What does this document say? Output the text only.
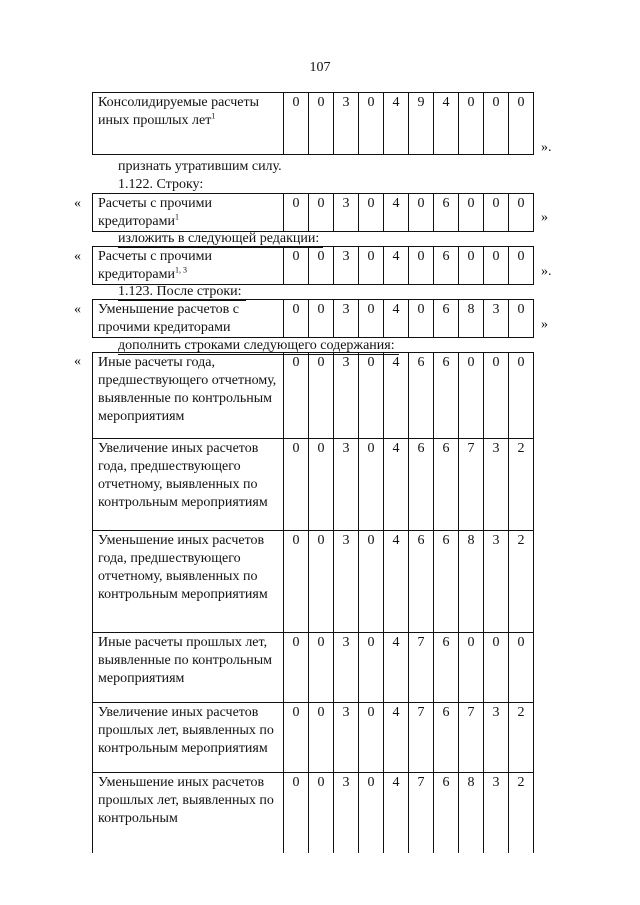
107
Консолидируемые расчеты иных прошлых лет$^1$
0	0	3	0	4	9	4	0	0	0
».
признать утратившим силу.
1.122. Строку:
«	Расчеты с прочими кредиторами$^1$
0	0	3	0	4	0	6	0	0	0
»
изложить в следующей редакции:
«	Расчеты с прочими кредиторами$^{1, 3}$
0	0	3	0	4	0	6	0	0	0
».
1.123. После строки:
«	Уменьшение расчетов с прочими кредиторами
0	0	3	0	4	0	6	8	3	0
»
дополнить строками следующего содержания:
«	Иные расчеты года, предшествующего отчетному, выявленные по контрольным мероприятиям
0	0	3	0	4	6	6	0	0	0
Увеличение иных расчетов года, предшествующего отчетному, выявленных по контрольным мероприятиям
0	0	3	0	4	6	6	7	3	2
Уменьшение иных расчетов года, предшествующего отчетному, выявленных по контрольным мероприятиям
0	0	3	0	4	6	6	8	3	2
Иные расчеты прошлых лет, выявленные по контрольным мероприятиям
0	0	3	0	4	7	6	0	0	0
Увеличение иных расчетов прошлых лет, выявленных по контрольным мероприятиям
0	0	3	0	4	7	6	7	3	2
Уменьшение иных расчетов прошлых лет, выявленных по контрольным
0	0	3	0	4	7	6	8	3	2
